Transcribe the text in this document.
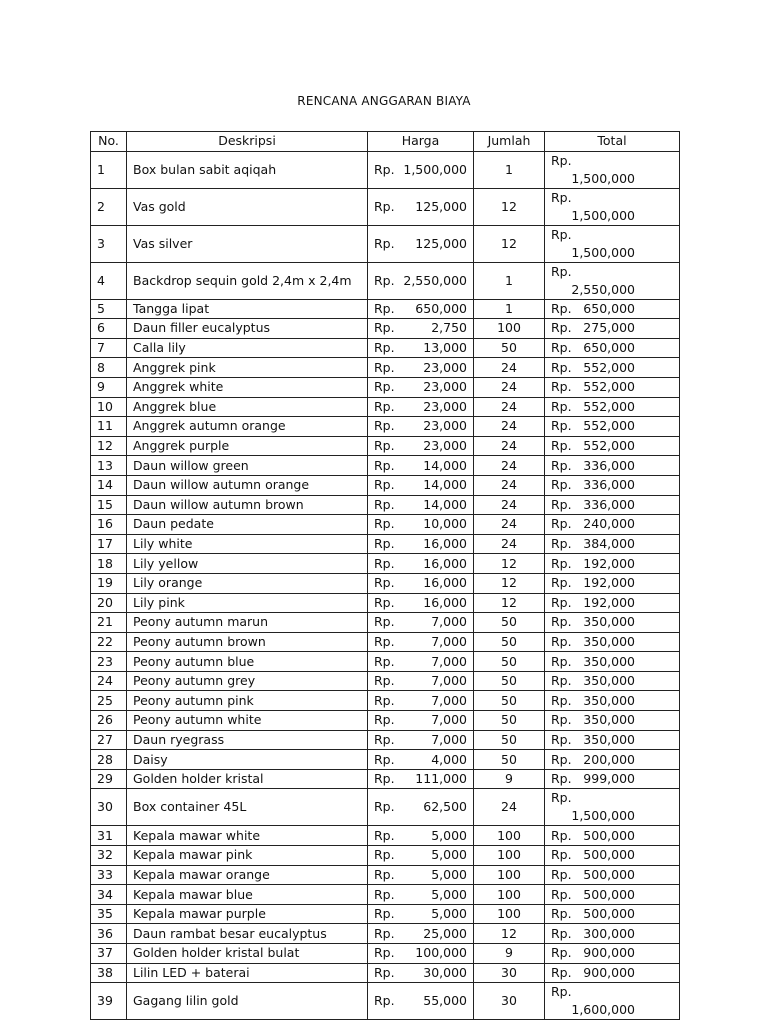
RENCANA ANGGARAN BIAYA
No.	Deskripsi	Harga	Jumlah	Total
1	Box bulan sabit aqiqah	Rp. 1,500,000	1	Rp.
1,500,000

2	Vas gold	Rp. 125,000	12	Rp.
1,500,000

3	Vas silver	Rp. 125,000	12	Rp.
1,500,000

4	Backdrop sequin gold 2,4m x 2,4m	Rp. 2,550,000	1	Rp.
2,550,000

5	Tangga lipat	Rp. 650,000	1	Rp. 650,000

6	Daun filler eucalyptus	Rp. 2,750	100	Rp. 275,000

7	Calla lily	Rp. 13,000	50	Rp. 650,000

8	Anggrek pink	Rp. 23,000	24	Rp. 552,000

9	Anggrek white	Rp. 23,000	24	Rp. 552,000

10	Anggrek blue	Rp. 23,000	24	Rp. 552,000

11	Anggrek autumn orange	Rp. 23,000	24	Rp. 552,000

12	Anggrek purple	Rp. 23,000	24	Rp. 552,000

13	Daun willow green	Rp. 14,000	24	Rp. 336,000

14	Daun willow autumn orange	Rp. 14,000	24	Rp. 336,000

15	Daun willow autumn brown	Rp. 14,000	24	Rp. 336,000

16	Daun pedate	Rp. 10,000	24	Rp. 240,000

17	Lily white	Rp. 16,000	24	Rp. 384,000

18	Lily yellow	Rp. 16,000	12	Rp. 192,000

19	Lily orange	Rp. 16,000	12	Rp. 192,000

20	Lily pink	Rp. 16,000	12	Rp. 192,000

21	Peony autumn marun	Rp. 7,000	50	Rp. 350,000

22	Peony autumn brown	Rp. 7,000	50	Rp. 350,000

23	Peony autumn blue	Rp. 7,000	50	Rp. 350,000

24	Peony autumn grey	Rp. 7,000	50	Rp. 350,000

25	Peony autumn pink	Rp. 7,000	50	Rp. 350,000

26	Peony autumn white	Rp. 7,000	50	Rp. 350,000

27	Daun ryegrass	Rp. 7,000	50	Rp. 350,000

28	Daisy	Rp. 4,000	50	Rp. 200,000

29	Golden holder kristal	Rp. 111,000	9	Rp. 999,000

30	Box container 45L	Rp. 62,500	24	Rp.
1,500,000

31	Kepala mawar white	Rp. 5,000	100	Rp. 500,000

32	Kepala mawar pink	Rp. 5,000	100	Rp. 500,000

33	Kepala mawar orange	Rp. 5,000	100	Rp. 500,000

34	Kepala mawar blue	Rp. 5,000	100	Rp. 500,000

35	Kepala mawar purple	Rp. 5,000	100	Rp. 500,000

36	Daun rambat besar eucalyptus	Rp. 25,000	12	Rp. 300,000

37	Golden holder kristal bulat	Rp. 100,000	9	Rp. 900,000

38	Lilin LED + baterai	Rp. 30,000	30	Rp. 900,000

39	Gagang lilin gold	Rp. 55,000	30	Rp.
1,600,000
